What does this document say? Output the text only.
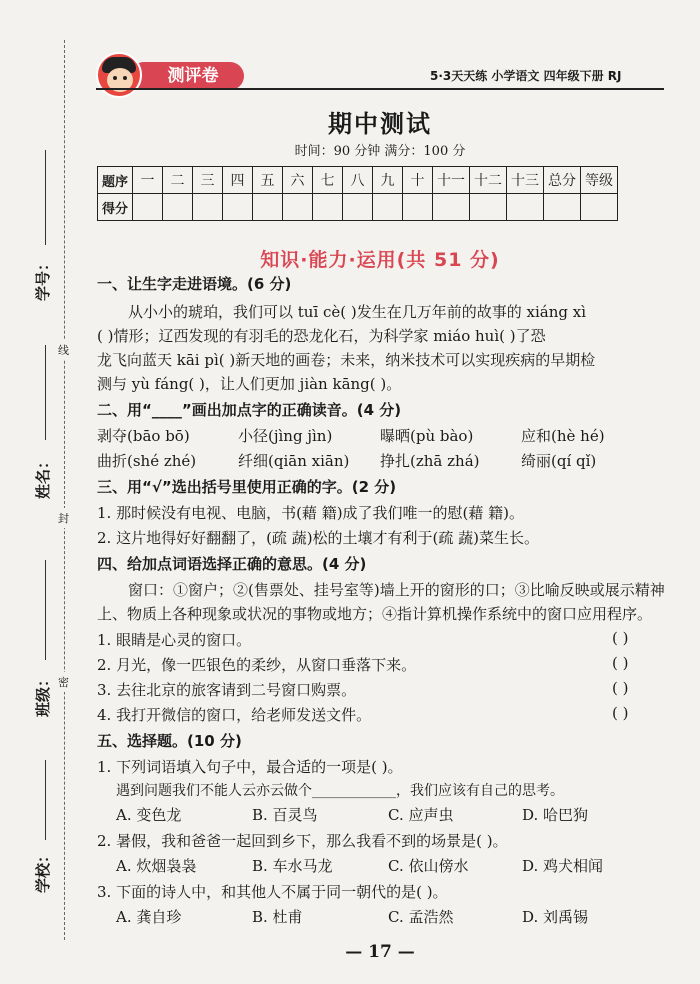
学号：
姓名：
班级：
学校：
线
封
密
测评卷	5·3天天练 小学语文 四年级下册 RJ
期中测试
时间：90 分钟 满分：100 分
题序	一	二	三	四	五	六	七	八	九	十	十一	十二	十三	总分	等级
得分															
知识·能力·运用(共 51 分)
一、让生字走进语境。(6 分)
从小小的琥珀，我们可以 tuī cè( )发生在几万年前的故事的 xiáng xì
( )情形；辽西发现的有羽毛的恐龙化石，为科学家 miáo huì( )了恐
龙飞向蓝天 kāi pì( )新天地的画卷；未来，纳米技术可以实现疾病的早期检
测与 yù fáng( )，让人们更加 jiàn kāng( )。
二、用“____”画出加点字的正确读音。(4 分)
剥夺(bāo bō)	小径(jìng jìn)	曝晒(pù bào)	应和(hè hé)
曲折(shé zhé)	纤细(qiān xiān) 挣扎(zhā zhá)	绮丽(qí qǐ)
三、用“√”选出括号里使用正确的字。(2 分)
1. 那时候没有电视、电脑，书(藉 籍)成了我们唯一的慰(藉 籍)。
2. 这片地得好好翻翻了，(疏 蔬)松的土壤才有利于(疏 蔬)菜生长。
四、给加点词语选择正确的意思。(4 分)
窗口：①窗户；②(售票处、挂号室等)墙上开的窗形的口；③比喻反映或展示精神
上、物质上各种现象或状况的事物或地方；④指计算机操作系统中的窗口应用程序。
1. 眼睛是心灵的窗口。	( )
2. 月光，像一匹银色的柔纱，从窗口垂落下来。	( )
3. 去往北京的旅客请到二号窗口购票。	( )
4. 我打开微信的窗口，给老师发送文件。	( )
五、选择题。(10 分)
1. 下列词语填入句子中，最合适的一项是( )。
遇到问题我们不能人云亦云做个____________，我们应该有自己的思考。
A. 变色龙	B. 百灵鸟	C. 应声虫	D. 哈巴狗
2. 暑假，我和爸爸一起回到乡下，那么我看不到的场景是( )。
A. 炊烟袅袅	B. 车水马龙	C. 依山傍水	D. 鸡犬相闻
3. 下面的诗人中，和其他人不属于同一朝代的是( )。
A. 龚自珍	B. 杜甫	C. 孟浩然	D. 刘禹锡
— 17 —
